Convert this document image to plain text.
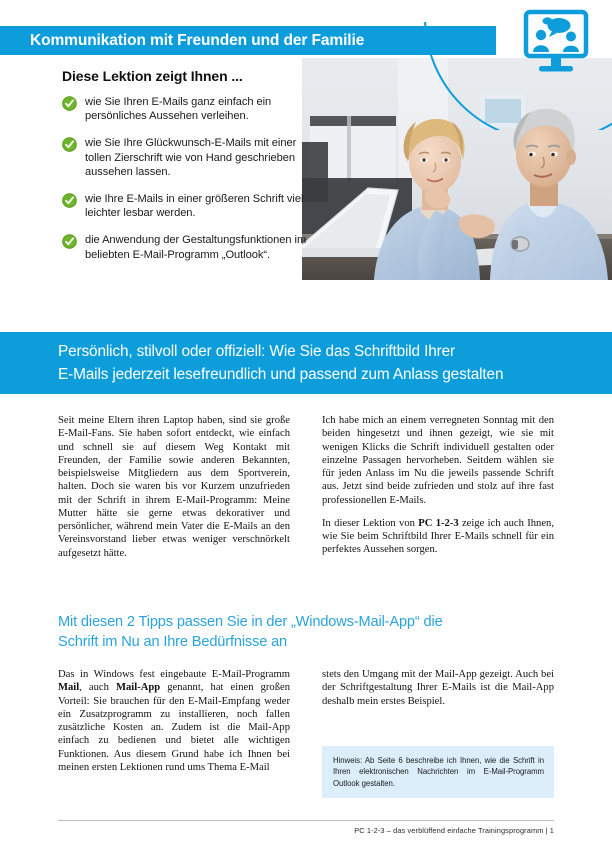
Kommunikation mit Freunden und der Familie
Diese Lektion zeigt Ihnen ...
wie Sie Ihren E-Mails ganz einfach ein persönliches Aussehen verleihen.
wie Sie Ihre Glückwunsch-E-Mails mit einer tollen Zierschrift wie von Hand geschrieben aussehen lassen.
wie Ihre E-Mails in einer größeren Schrift viel leichter lesbar werden.
die Anwendung der Gestaltungsfunktionen im beliebten E-Mail-Programm „Outlook“.
Persönlich, stilvoll oder offiziell: Wie Sie das Schriftbild Ihrer
E-Mails jederzeit lesefreundlich und passend zum Anlass gestalten

Seit meine Eltern ihren Laptop haben, sind sie große E-Mail-Fans. Sie haben sofort entdeckt, wie einfach und schnell sie auf diesem Weg Kontakt mit Freunden, der Familie sowie anderen Bekannten, beispielsweise Mitgliedern aus dem Sportverein, halten. Doch sie waren bis vor Kurzem unzufrieden mit der Schrift in ihrem E-Mail-Programm: Meine Mutter hätte sie gerne etwas dekorativer und persönlicher, während mein Vater die E-Mails an den Vereinsvorstand lieber etwas weniger verschnörkelt aufgesetzt hätte.

Ich habe mich an einem verregneten Sonntag mit den beiden hingesetzt und ihnen gezeigt, wie sie mit wenigen Klicks die Schrift individuell gestalten oder einzelne Passagen hervorheben. Seitdem wählen sie für jeden Anlass im Nu die jeweils passende Schrift aus. Jetzt sind beide zufrieden und stolz auf ihre fast professionellen E-Mails.

In dieser Lektion von PC 1-2-3 zeige ich auch Ihnen, wie Sie beim Schriftbild Ihrer E-Mails schnell für ein perfektes Aussehen sorgen.

Mit diesen 2 Tipps passen Sie in der „Windows-Mail-App“ die
Schrift im Nu an Ihre Bedürfnisse an

Das in Windows fest eingebaute E-Mail-Programm Mail, auch Mail-App genannt, hat einen großen Vorteil: Sie brauchen für den E-Mail-Empfang weder ein Zusatzprogramm zu installieren, noch fallen zusätzliche Kosten an. Zudem ist die Mail-App einfach zu bedienen und bietet alle wichtigen Funktionen. Aus diesem Grund habe ich Ihnen bei meinen ersten Lektionen rund ums Thema E-Mail

stets den Umgang mit der Mail-App gezeigt. Auch bei der Schriftgestaltung Ihrer E-Mails ist die Mail-App deshalb mein erstes Beispiel.

Hinweis: Ab Seite 6 beschreibe ich Ihnen, wie die Schrift in Ihren elektronischen Nachrichten im E-Mail-Programm Outlook gestalten.
PC 1-2-3 – das verblüffend einfache Trainingsprogramm | 1
